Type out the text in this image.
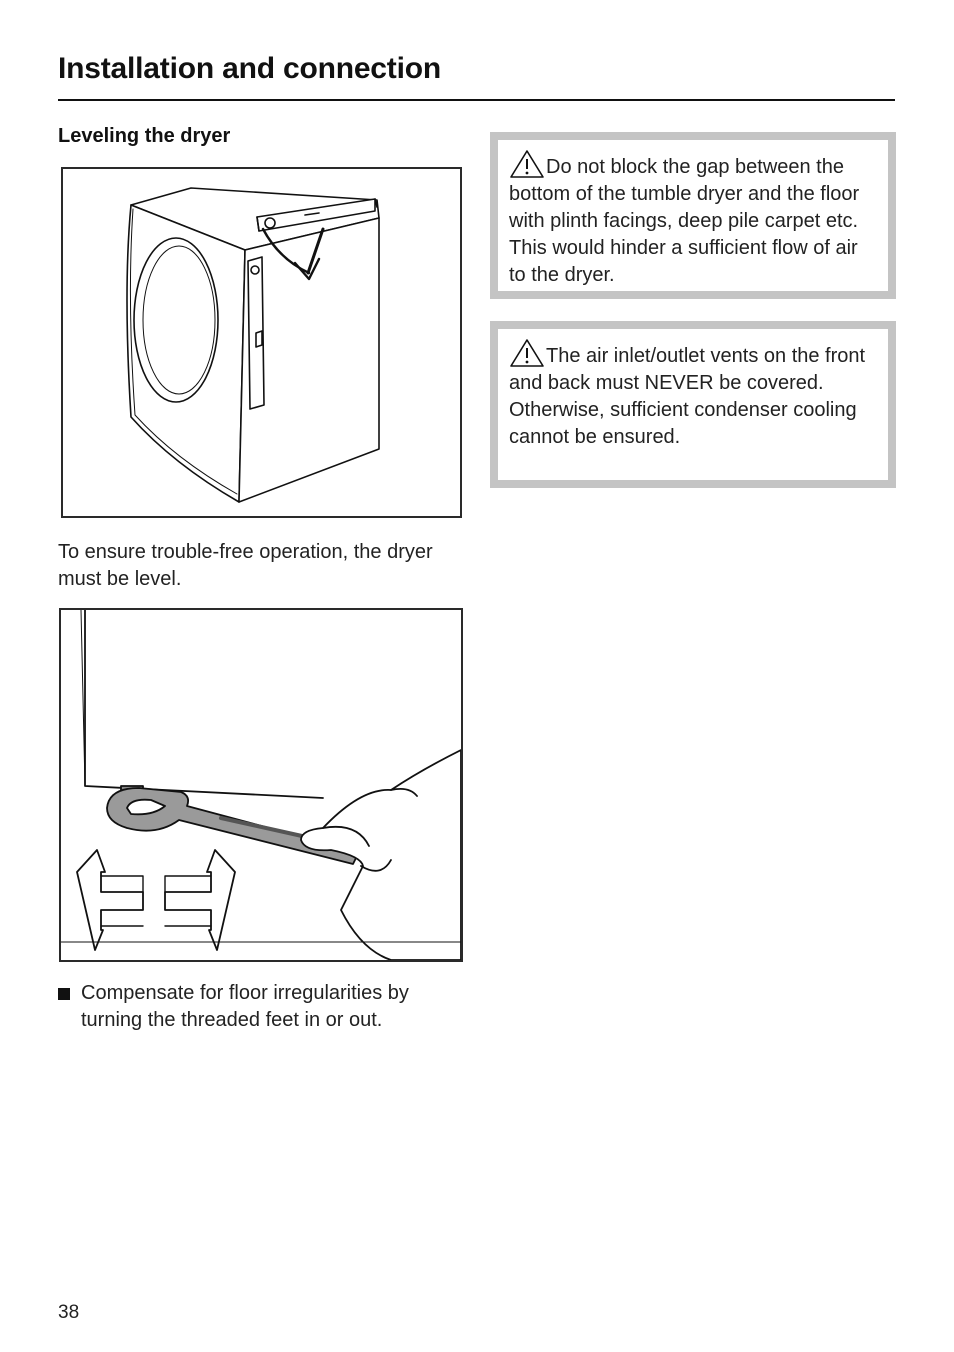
Installation and connection
Leveling the dryer

To ensure trouble-free operation, the dryer must be level.

Compensate for floor irregularities by turning the threaded feet in or out.
Do not block the gap between the bottom of the tumble dryer and the floor with plinth facings, deep pile carpet etc. This would hinder a sufficient flow of air to the dryer.
The air inlet/outlet vents on the front and back must NEVER be covered. Otherwise, sufficient condenser cooling cannot be ensured.
38
